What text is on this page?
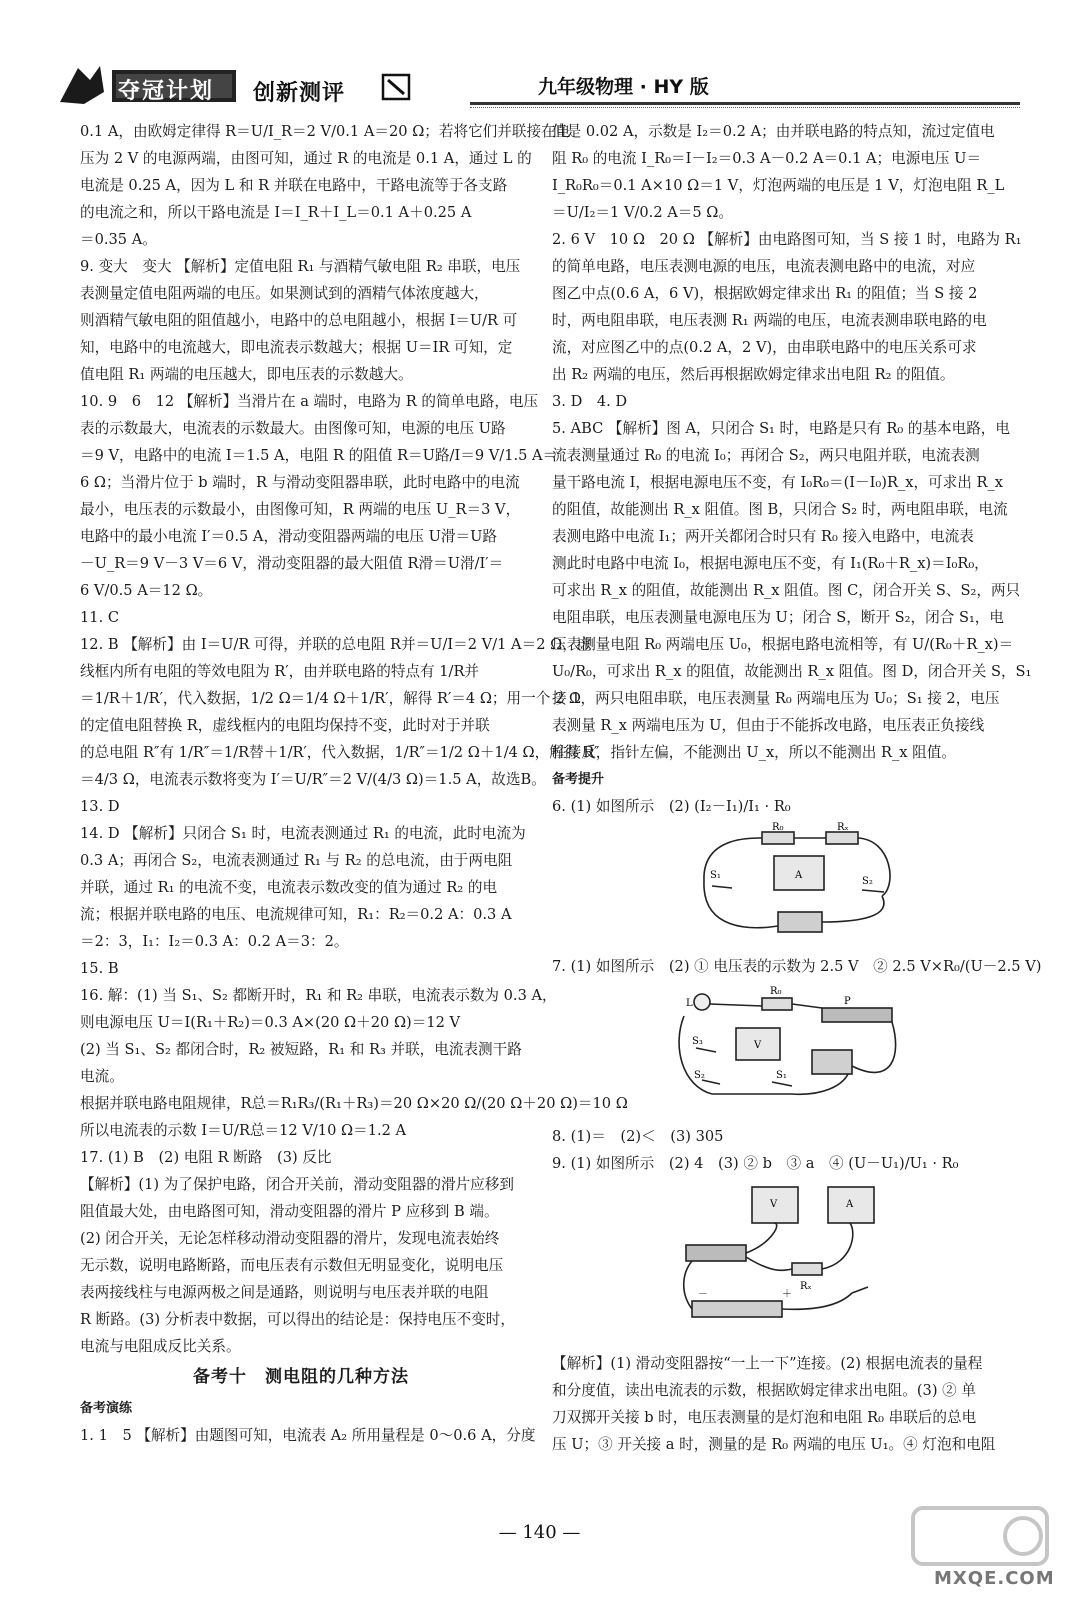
夺冠计划 创新测评	九年级物理 · HY 版
0.1 A，由欧姆定律得 R＝U/I_R＝2 V/0.1 A＝20 Ω；若将它们并联接在电
压为 2 V 的电源两端，由图可知，通过 R 的电流是 0.1 A，通过 L 的
电流是 0.25 A，因为 L 和 R 并联在电路中，干路电流等于各支路
的电流之和，所以干路电流是 I＝I_R＋I_L＝0.1 A＋0.25 A
＝0.35 A。
9. 变大　变大 【解析】定值电阻 R₁ 与酒精气敏电阻 R₂ 串联，电压
表测量定值电阻两端的电压。如果测试到的酒精气体浓度越大，
则酒精气敏电阻的阻值越小，电路中的总电阻越小，根据 I＝U/R 可
知，电路中的电流越大，即电流表示数越大；根据 U＝IR 可知，定
值电阻 R₁ 两端的电压越大，即电压表的示数越大。
10. 9　6　12 【解析】当滑片在 a 端时，电路为 R 的简单电路，电压
表的示数最大，电流表的示数最大。由图像可知，电源的电压 U路
＝9 V，电路中的电流 I＝1.5 A，电阻 R 的阻值 R＝U路/I＝9 V/1.5 A＝
6 Ω；当滑片位于 b 端时，R 与滑动变阻器串联，此时电路中的电流
最小，电压表的示数最小，由图像可知，R 两端的电压 U_R＝3 V，
电路中的最小电流 I′＝0.5 A，滑动变阻器两端的电压 U滑＝U路
－U_R＝9 V－3 V＝6 V，滑动变阻器的最大阻值 R滑＝U滑/I′＝
6 V/0.5 A＝12 Ω。
11. C
12. B 【解析】由 I＝U/R 可得，并联的总电阻 R并＝U/I＝2 V/1 A＝2 Ω，虚
线框内所有电阻的等效电阻为 R′，由并联电路的特点有 1/R并
＝1/R＋1/R′，代入数据，1/2 Ω＝1/4 Ω＋1/R′，解得 R′＝4 Ω；用一个 2 Ω
的定值电阻替换 R，虚线框内的电阻均保持不变，此时对于并联
的总电阻 R″有 1/R″＝1/R替＋1/R′，代入数据，1/R″＝1/2 Ω＋1/4 Ω，解得 R″
＝4/3 Ω，电流表示数将变为 I′＝U/R″＝2 V/(4/3 Ω)＝1.5 A，故选B。
13. D
14. D 【解析】只闭合 S₁ 时，电流表测通过 R₁ 的电流，此时电流为
0.3 A；再闭合 S₂，电流表测通过 R₁ 与 R₂ 的总电流，由于两电阻
并联，通过 R₁ 的电流不变，电流表示数改变的值为通过 R₂ 的电
流；根据并联电路的电压、电流规律可知，R₁：R₂＝0.2 A：0.3 A
＝2：3，I₁：I₂＝0.3 A：0.2 A＝3：2。
15. B
16. 解：(1) 当 S₁、S₂ 都断开时，R₁ 和 R₂ 串联，电流表示数为 0.3 A，
则电源电压 U＝I(R₁＋R₂)＝0.3 A×(20 Ω＋20 Ω)＝12 V
(2) 当 S₁、S₂ 都闭合时，R₂ 被短路，R₁ 和 R₃ 并联，电流表测干路
电流。
根据并联电路电阻规律，R总＝R₁R₃/(R₁＋R₃)＝20 Ω×20 Ω/(20 Ω＋20 Ω)＝10 Ω
所以电流表的示数 I＝U/R总＝12 V/10 Ω＝1.2 A
17. (1) B　(2) 电阻 R 断路　(3) 反比
【解析】(1) 为了保护电路，闭合开关前，滑动变阻器的滑片应移到
阻值最大处，由电路图可知，滑动变阻器的滑片 P 应移到 B 端。
(2) 闭合开关，无论怎样移动滑动变阻器的滑片，发现电流表始终
无示数，说明电路断路，而电压表有示数但无明显变化，说明电压
表两接线柱与电源两极之间是通路，则说明与电压表并联的电阻
R 断路。(3) 分析表中数据，可以得出的结论是：保持电压不变时，
电流与电阻成反比关系。
备考十　测电阻的几种方法
备考演练
1. 1　5 【解析】由题图可知，电流表 A₂ 所用量程是 0～0.6 A，分度
值是 0.02 A，示数是 I₂＝0.2 A；由并联电路的特点知，流过定值电
阻 R₀ 的电流 I_R₀＝I－I₂＝0.3 A－0.2 A＝0.1 A；电源电压 U＝
I_R₀R₀＝0.1 A×10 Ω＝1 V，灯泡两端的电压是 1 V，灯泡电阻 R_L
＝U/I₂＝1 V/0.2 A＝5 Ω。
2. 6 V　10 Ω　20 Ω 【解析】由电路图可知，当 S 接 1 时，电路为 R₁
的简单电路，电压表测电源的电压，电流表测电路中的电流，对应
图乙中点(0.6 A，6 V)，根据欧姆定律求出 R₁ 的阻值；当 S 接 2
时，两电阻串联，电压表测 R₁ 两端的电压，电流表测串联电路的电
流，对应图乙中的点(0.2 A，2 V)，由串联电路中的电压关系可求
出 R₂ 两端的电压，然后再根据欧姆定律求出电阻 R₂ 的阻值。
3. D　4. D
5. ABC 【解析】图 A，只闭合 S₁ 时，电路是只有 R₀ 的基本电路，电
流表测量通过 R₀ 的电流 I₀；再闭合 S₂，两只电阻并联，电流表测
量干路电流 I，根据电源电压不变，有 I₀R₀＝(I－I₀)R_x，可求出 R_x
的阻值，故能测出 R_x 阻值。图 B，只闭合 S₂ 时，两电阻串联，电流
表测电路中电流 I₁；两开关都闭合时只有 R₀ 接入电路中，电流表
测此时电路中电流 I₀，根据电源电压不变，有 I₁(R₀＋R_x)＝I₀R₀，
可求出 R_x 的阻值，故能测出 R_x 阻值。图 C，闭合开关 S、S₂，两只
电阻串联，电压表测量电源电压为 U；闭合 S，断开 S₂，闭合 S₁，电
压表测量电阻 R₀ 两端电压 U₀，根据电路电流相等，有 U/(R₀＋R_x)＝
U₀/R₀，可求出 R_x 的阻值，故能测出 R_x 阻值。图 D，闭合开关 S，S₁
接 1，两只电阻串联，电压表测量 R₀ 两端电压为 U₀；S₁ 接 2，电压
表测量 R_x 两端电压为 U，但由于不能拆改电路，电压表正负接线
柱接反，指针左偏，不能测出 U_x，所以不能测出 R_x 阻值。
备考提升
6. (1) 如图所示　(2) (I₂－I₁)/I₁ · R₀
R₀	Rₓ
S₁
S₂
A
7. (1) 如图所示　(2) ① 电压表的示数为 2.5 V　② 2.5 V×R₀/(U－2.5 V)
L
R₀
P
S₃	V
S₂	S₁
8. (1)＝　(2)＜　(3) 305
9. (1) 如图所示　(2) 4　(3) ② b　③ a　④ (U－U₁)/U₁ · R₀
V	A
Rₓ
－	＋
【解析】(1) 滑动变阻器按“一上一下”连接。(2) 根据电流表的量程
和分度值，读出电流表的示数，根据欧姆定律求出电阻。(3) ② 单
刀双掷开关接 b 时，电压表测量的是灯泡和电阻 R₀ 串联后的总电
压 U；③ 开关接 a 时，测量的是 R₀ 两端的电压 U₁。④ 灯泡和电阻
— 140 —
MXQE.COM
